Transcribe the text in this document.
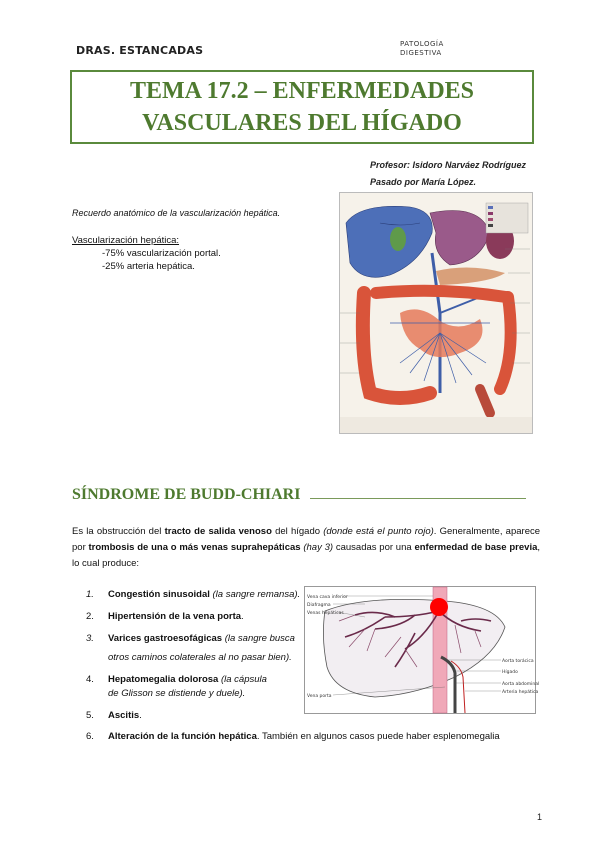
DRAS. ESTANCADAS	PATOLOGÍA
DIGESTIVA
TEMA 17.2 – ENFERMEDADES
VASCULARES DEL HÍGADO
Profesor: Isidoro Narváez Rodríguez
Pasado por María López.
Recuerdo anatómico de la vascularización hepática.
Vascularización hepática:
-75% vascularización portal.
-25% arteria hepática.
SÍNDROME DE BUDD-CHIARI
Es la obstrucción del tracto de salida venoso del hígado (donde está el punto rojo). Generalmente, aparece por trombosis de una o más venas suprahepáticas (hay 3) causadas por una enfermedad de base previa, lo cual produce:
1. Congestión sinusoidal (la sangre remansa).
2. Hipertensión de la vena porta.
3. Varices gastroesofágicas (la sangre busca
otros caminos colaterales al no pasar bien).
4. Hepatomegalia dolorosa (la cápsula
de Glisson se distiende y duele).
5. Ascitis.
6. Alteración de la función hepática. También en algunos casos puede haber esplenomegalia
Vena cava inferior
Diafragma
Venas hepáticas
Vena porta
Aorta torácica
Hígado
Aorta abdominal
Arteria hepática
1
